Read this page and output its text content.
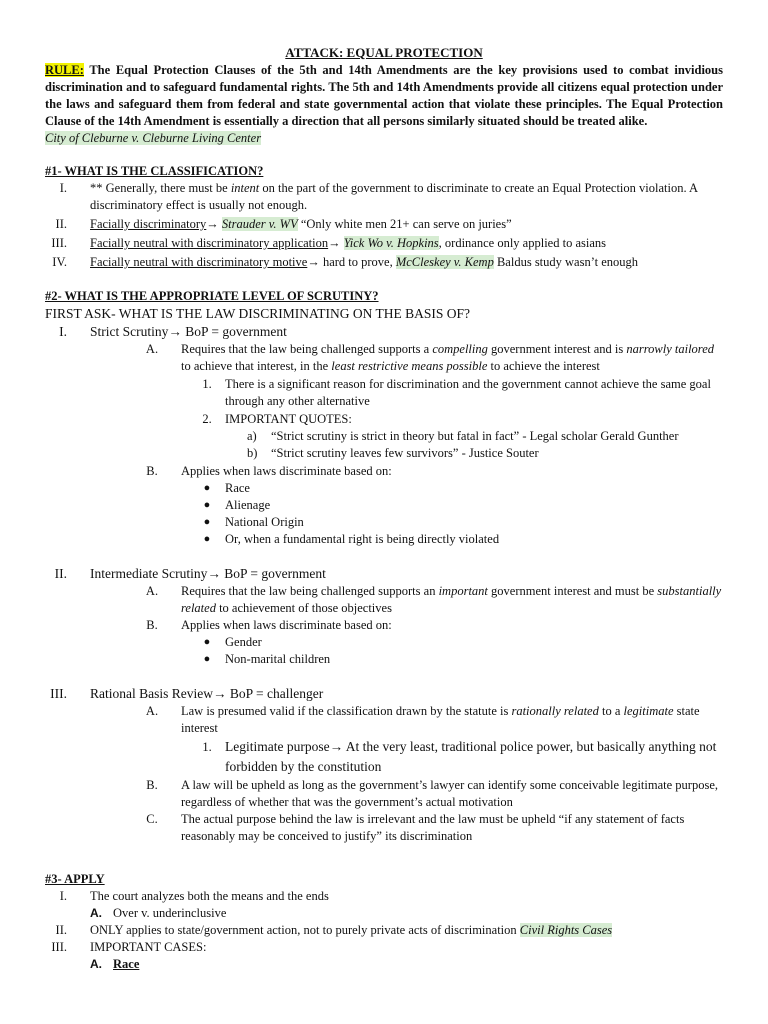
ATTACK: EQUAL PROTECTION

RULE: The Equal Protection Clauses of the 5th and 14th Amendments are the key provisions used to combat invidious discrimination and to safeguard fundamental rights. The 5th and 14th Amendments provide all citizens equal protection under the laws and safeguard them from federal and state governmental action that violate these principles. The Equal Protection Clause of the 14th Amendment is essentially a direction that all persons similarly situated should be treated alike.
City of Cleburne v. Cleburne Living Center

#1- WHAT IS THE CLASSIFICATION?

I. ** Generally, there must be intent on the part of the government to discriminate to create an Equal Protection violation. A discriminatory effect is usually not enough.
II. Facially discriminatory→ Strauder v. WV “Only white men 21+ can serve on juries”
III. Facially neutral with discriminatory application→ Yick Wo v. Hopkins, ordinance only applied to asians
IV. Facially neutral with discriminatory motive→ hard to prove, McCleskey v. Kemp Baldus study wasn’t enough

#2- WHAT IS THE APPROPRIATE LEVEL OF SCRUTINY?

FIRST ASK- WHAT IS THE LAW DISCRIMINATING ON THE BASIS OF?

I. Strict Scrutiny→ BoP = government
A.	Requires that the law being challenged supports a compelling government interest and is narrowly tailored to achieve that interest, in the least restrictive means possible to achieve the interest
1.	There is a significant reason for discrimination and the government cannot achieve the same goal through any other alternative
2.	IMPORTANT QUOTES:
a)	“Strict scrutiny is strict in theory but fatal in fact” - Legal scholar Gerald Gunther
b)	“Strict scrutiny leaves few survivors” - Justice Souter
B.	Applies when laws discriminate based on:
●	Race
●	Alienage
●	National Origin
●	Or, when a fundamental right is being directly violated
II. Intermediate Scrutiny→ BoP = government
A.	Requires that the law being challenged supports an important government interest and must be substantially related to achievement of those objectives
B.	Applies when laws discriminate based on:
●	Gender
●	Non-marital children
III. Rational Basis Review→ BoP = challenger
A.	Law is presumed valid if the classification drawn by the statute is rationally related to a legitimate state interest
1. Legitimate purpose→ At the very least, traditional police power, but basically anything not forbidden by the constitution
B.	A law will be upheld as long as the government’s lawyer can identify some conceivable legitimate purpose, regardless of whether that was the government’s actual motivation
C.	The actual purpose behind the law is irrelevant and the law must be upheld “if any statement of facts reasonably may be conceived to justify” its discrimination

#3- APPLY

I. The court analyzes both the means and the ends
A. Over v. underinclusive
II. ONLY applies to state/government action, not to purely private acts of discrimination Civil Rights Cases
III. IMPORTANT CASES:
A. Race
